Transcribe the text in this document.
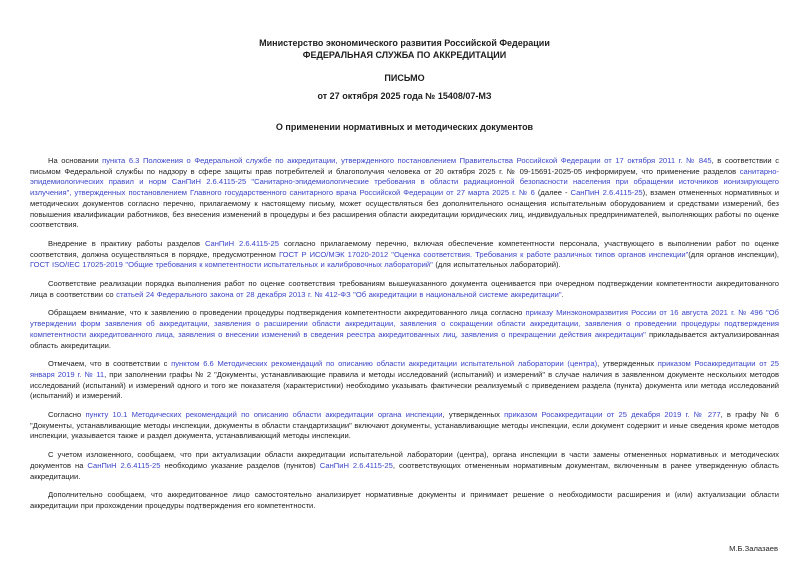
Министерство экономического развития Российской Федерации
ФЕДЕРАЛЬНАЯ СЛУЖБА ПО АККРЕДИТАЦИИ
ПИСЬМО
от 27 октября 2025 года № 15408/07-МЗ
О применении нормативных и методических документов

На основании пункта 6.3 Положения о Федеральной службе по аккредитации, утвержденного постановлением Правительства Российской Федерации от 17 октября 2011 г. № 845, в соответствии с письмом Федеральной службы по надзору в сфере защиты прав потребителей и благополучия человека от 20 октября 2025 г. № 09-15691-2025-05 информируем, что применение разделов санитарно-эпидемиологических правил и норм СанПиН 2.6.4115-25 "Санитарно-эпидемиологические требования в области радиационной безопасности населения при обращении источников ионизирующего излучения", утвержденных постановлением Главного государственного санитарного врача Российской Федерации от 27 марта 2025 г. № 6 (далее - СанПиН 2.6.4115-25), взамен отмененных нормативных и методических документов согласно перечню, прилагаемому к настоящему письму, может осуществляться без дополнительного оснащения испытательным оборудованием и средствами измерений, без повышения квалификации работников, без внесения изменений в процедуры и без расширения области аккредитации юридических лиц, индивидуальных предпринимателей, выполняющих работы по оценке соответствия.

Внедрение в практику работы разделов СанПиН 2.6.4115-25 согласно прилагаемому перечню, включая обеспечение компетентности персонала, участвующего в выполнении работ по оценке соответствия, должна осуществляться в порядке, предусмотренном ГОСТ Р ИСО/МЭК 17020-2012 "Оценка соответствия. Требования к работе различных типов органов инспекции"(для органов инспекции), ГОСТ ISO/IEC 17025-2019 "Общие требования к компетентности испытательных и калибровочных лабораторий" (для испытательных лабораторий).

Соответствие реализации порядка выполнения работ по оценке соответствия требованиям вышеуказанного документа оценивается при очередном подтверждении компетентности аккредитованного лица в соответствии со статьей 24 Федерального закона от 28 декабря 2013 г. № 412-ФЗ "Об аккредитации в национальной системе аккредитации".

Обращаем внимание, что к заявлению о проведении процедуры подтверждения компетентности аккредитованного лица согласно приказу Минэкономразвития России от 16 августа 2021 г. № 496 "Об утверждении форм заявления об аккредитации, заявления о расширении области аккредитации, заявления о сокращении области аккредитации, заявления о проведении процедуры подтверждения компетентности аккредитованного лица, заявления о внесении изменений в сведения реестра аккредитованных лиц, заявления о прекращении действия аккредитации" прикладывается актуализированная область аккредитации.

Отмечаем, что в соответствии с пунктом 6.6 Методических рекомендаций по описанию области аккредитации испытательной лаборатории (центра), утвержденных приказом Росаккредитации от 25 января 2019 г. № 11, при заполнении графы № 2 "Документы, устанавливающие правила и методы исследований (испытаний) и измерений" в случае наличия в заявленном документе нескольких методов исследований (испытаний) и измерений одного и того же показателя (характеристики) необходимо указывать фактически реализуемый с приведением раздела (пункта) документа или метода исследований (испытаний) и измерений.

Согласно пункту 10.1 Методических рекомендаций по описанию области аккредитации органа инспекции, утвержденных приказом Росаккредитации от 25 декабря 2019 г. № 277, в графу № 6 "Документы, устанавливающие методы инспекции, документы в области стандартизации" включают документы, устанавливающие методы инспекции, если документ содержит и иные сведения кроме методов инспекции, указывается также и раздел документа, устанавливающий методы инспекции.

С учетом изложенного, сообщаем, что при актуализации области аккредитации испытательной лаборатории (центра), органа инспекции в части замены отмененных нормативных и методических документов на СанПиН 2.6.4115-25 необходимо указание разделов (пунктов) СанПиН 2.6.4115-25, соответствующих отмененным нормативным документам, включенным в ранее утвержденную область аккредитации.

Дополнительно сообщаем, что аккредитованное лицо самостоятельно анализирует нормативные документы и принимает решение о необходимости расширения и (или) актуализации области аккредитации при прохождении процедуры подтверждения его компетентности.

М.Б.Залазаев
